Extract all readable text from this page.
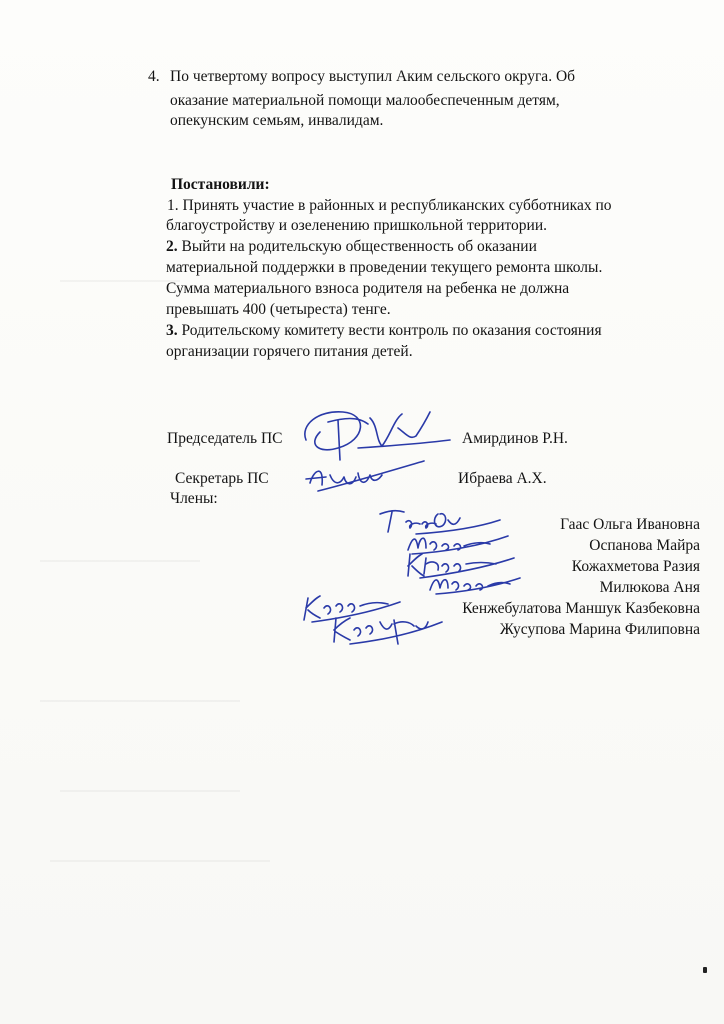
4. По четвертому вопросу выступил Аким сельского округа. Об
оказание материальной помощи малообеспеченным детям,
опекунским семьям, инвалидам.
Постановили:
1. Принять участие в районных и республиканских субботниках по
благоустройству и озеленению пришкольной территории.
2. Выйти на родительскую общественность об оказании
материальной поддержки в проведении текущего ремонта школы.
Сумма материального взноса родителя на ребенка не должна
превышать 400 (четыреста) тенге.
3. Родительскому комитету вести контроль по оказания состояния
организации горячего питания детей.
Председатель ПС	Амирдинов Р.Н.
Секретарь ПС	Ибраева А.Х.
Члены:
Гаас Ольга Ивановна
Оспанова Майра
Кожахметова Разия
Милюкова Аня
Кенжебулатова Маншук Казбековна
Жусупова Марина Филиповна
